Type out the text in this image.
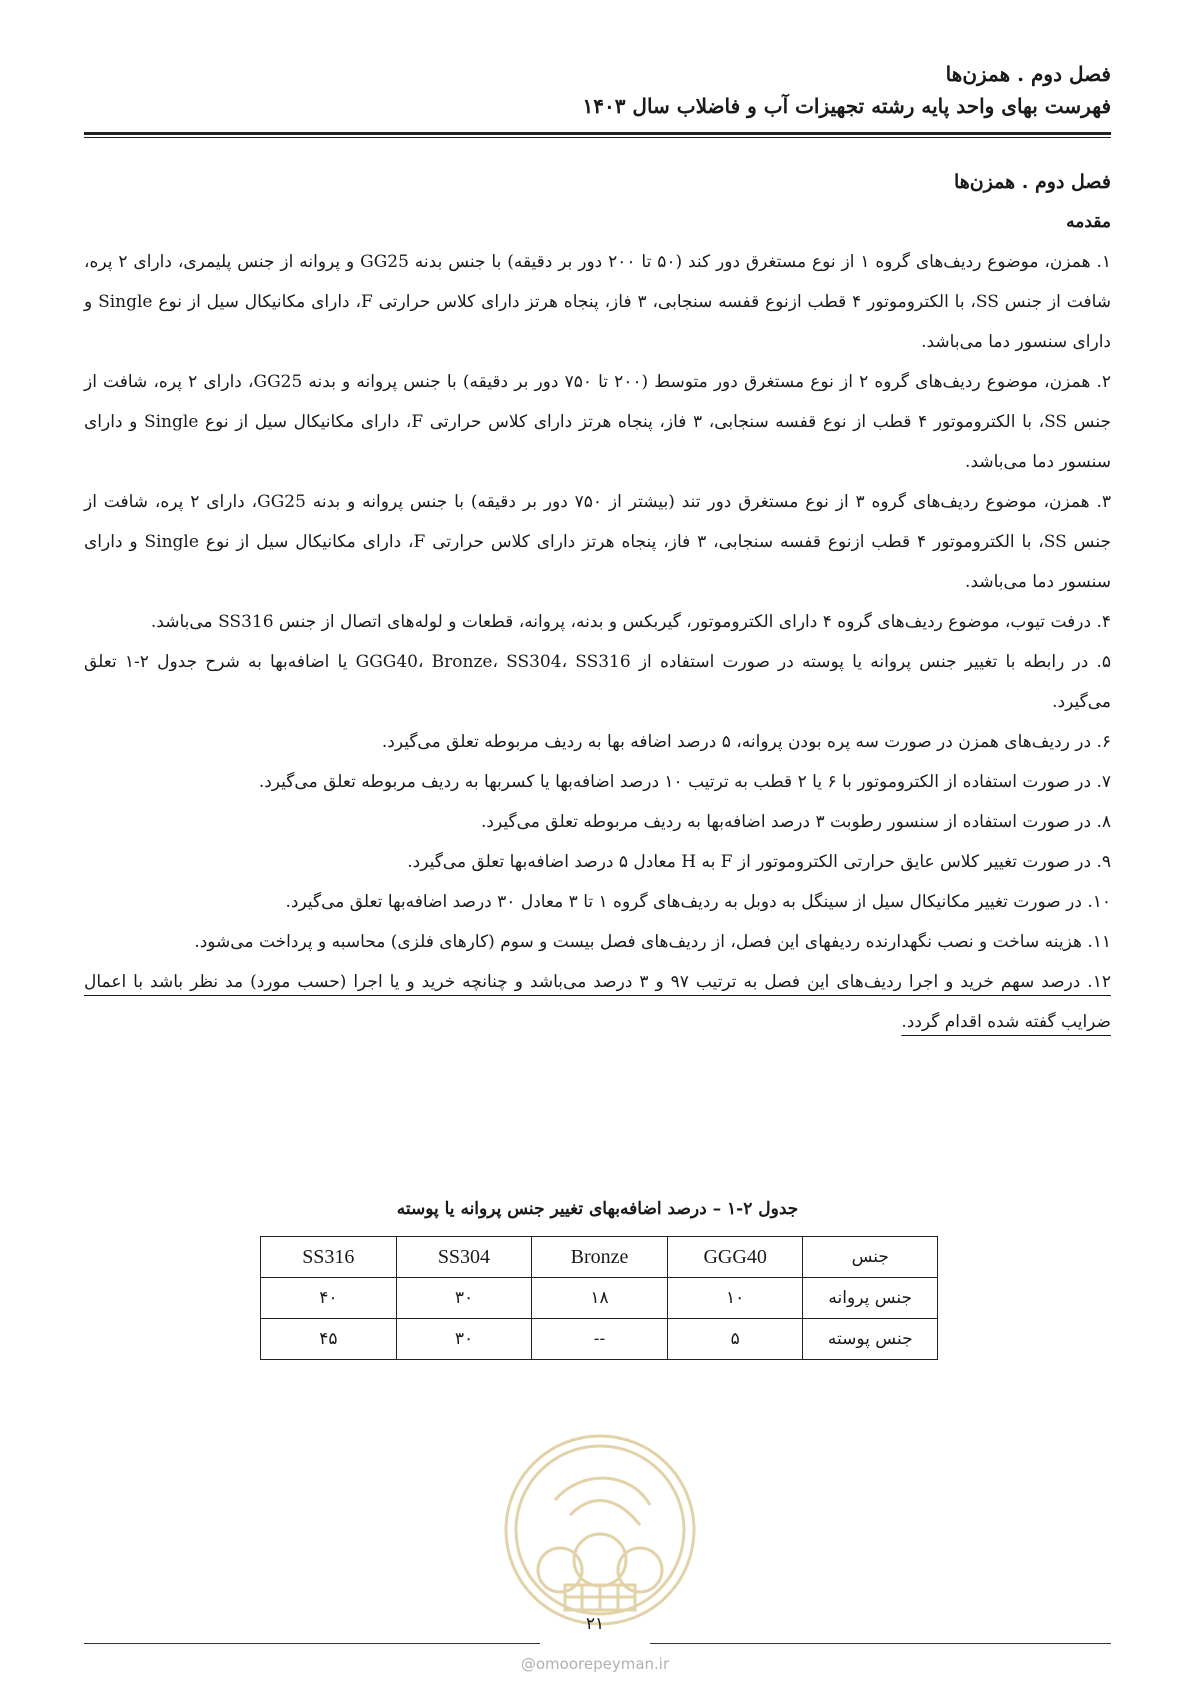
فصل دوم . همزن‌ها
فهرست بهای واحد پایه رشته تجهیزات آب و فاضلاب سال ۱۴۰۳

فصل دوم . همزن‌ها

مقدمه

۱. همزن، موضوع ردیف‌های گروه ۱ از نوع مستغرق دور کند (۵۰ تا ۲۰۰ دور بر دقیقه) با جنس بدنه GG25 و پروانه از جنس پلیمری، دارای ۲ پره، شافت از جنس SS، با الکتروموتور ۴ قطب ازنوع قفسه سنجابی، ۳ فاز، پنجاه هرتز دارای کلاس حرارتی F، دارای مکانیکال سیل از نوع Single و دارای سنسور دما می‌باشد.

۲. همزن، موضوع ردیف‌های گروه ۲ از نوع مستغرق دور متوسط (۲۰۰ تا ۷۵۰ دور بر دقیقه) با جنس پروانه و بدنه GG25، دارای ۲ پره، شافت از جنس SS، با الکتروموتور ۴ قطب از نوع قفسه سنجابی، ۳ فاز، پنجاه هرتز دارای کلاس حرارتی F، دارای مکانیکال سیل از نوع Single و دارای سنسور دما می‌باشد.

۳. همزن، موضوع ردیف‌های گروه ۳ از نوع مستغرق دور تند (بیشتر از ۷۵۰ دور بر دقیقه) با جنس پروانه و بدنه GG25، دارای ۲ پره، شافت از جنس SS، با الکتروموتور ۴ قطب ازنوع قفسه سنجابی، ۳ فاز، پنجاه هرتز دارای کلاس حرارتی F، دارای مکانیکال سیل از نوع Single و دارای سنسور دما می‌باشد.

۴. درفت تیوب، موضوع ردیف‌های گروه ۴ دارای الکتروموتور، گیربکس و بدنه، پروانه، قطعات و لوله‌های اتصال از جنس SS316 می‌باشد.

۵. در رابطه با تغییر جنس پروانه یا پوسته در صورت استفاده از GGG40، Bronze، SS304، SS316 یا اضافه‌بها به شرح جدول ۲-۱ تعلق می‌گیرد.

۶. در ردیف‌های همزن در صورت سه پره بودن پروانه، ۵ درصد اضافه بها به ردیف مربوطه تعلق می‌گیرد.

۷. در صورت استفاده از الکتروموتور با ۶ یا ۲ قطب به ترتیب ۱۰ درصد اضافه‌بها یا کسربها به ردیف مربوطه تعلق می‌گیرد.

۸. در صورت استفاده از سنسور رطوبت ۳ درصد اضافه‌بها به ردیف مربوطه تعلق می‌گیرد.

۹. در صورت تغییر کلاس عایق حرارتی الکتروموتور از F به H معادل ۵ درصد اضافه‌بها تعلق می‌گیرد.

۱۰. در صورت تغییر مکانیکال سیل از سینگل به دوبل به ردیف‌های گروه ۱ تا ۳ معادل ۳۰ درصد اضافه‌بها تعلق می‌گیرد.

۱۱. هزینه ساخت و نصب نگهدارنده ردیفهای این فصل، از ردیف‌های فصل بیست و سوم (کارهای فلزی) محاسبه و پرداخت می‌شود.

۱۲. درصد سهم خرید و اجرا ردیف‌های این فصل به ترتیب ۹۷ و ۳ درصد می‌باشد و چنانچه خرید و یا اجرا (حسب مورد) مد نظر باشد با اعمال ضرایب گفته شده اقدام گردد.

جدول ۲-۱ – درصد اضافه‌بهای تغییر جنس پروانه یا پوسته
جنس	GGG40	Bronze	SS304	SS316
جنس پروانه	۱۰	۱۸	۳۰	۴۰
جنس پوسته	۵	--	۳۰	۴۵
۲۱
@omoorepeyman.ir
